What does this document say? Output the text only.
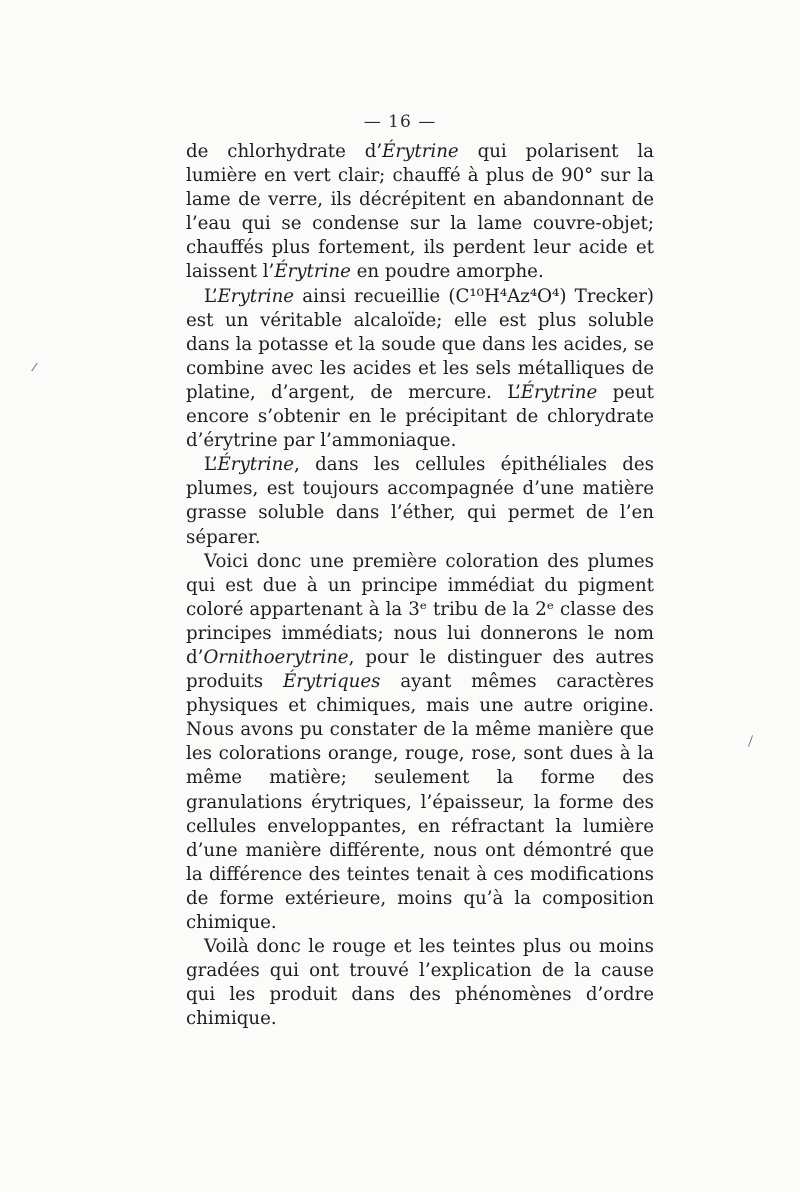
— 16 —

de chlorhydrate d’Érytrine qui polarisent la lumière en vert clair; chauffé à plus de 90° sur la lame de verre, ils décrépitent en abandonnant de l’eau qui se condense sur la lame couvre-objet; chauffés plus fortement, ils perdent leur acide et laissent l’Érytrine en poudre amorphe.

L’Erytrine ainsi recueillie (C¹⁰H⁴Az⁴O⁴) Trecker) est un véritable alcaloïde; elle est plus soluble dans la potasse et la soude que dans les acides, se combine avec les acides et les sels métalliques de platine, d’argent, de mercure. L’Érytrine peut encore s’obtenir en le précipitant de chlorydrate d’érytrine par l’ammoniaque.

L’Érytrine, dans les cellules épithéliales des plumes, est toujours accompagnée d’une matière grasse soluble dans l’éther, qui permet de l’en séparer.

Voici donc une première coloration des plumes qui est due à un principe immédiat du pigment coloré appartenant à la 3ᵉ tribu de la 2ᵉ classe des principes immédiats; nous lui donnerons le nom d’Ornithoerytrine, pour le distinguer des autres produits Érytriques ayant mêmes caractères physiques et chimiques, mais une autre origine. Nous avons pu constater de la même manière que les colorations orange, rouge, rose, sont dues à la même matière; seulement la forme des granulations érytriques, l’épaisseur, la forme des cellules enveloppantes, en réfractant la lumière d’une manière différente, nous ont démontré que la différence des teintes tenait à ces modifications de forme extérieure, moins qu’à la composition chimique.

Voilà donc le rouge et les teintes plus ou moins gradées qui ont trouvé l’explication de la cause qui les produit dans des phénomènes d’ordre chimique.
